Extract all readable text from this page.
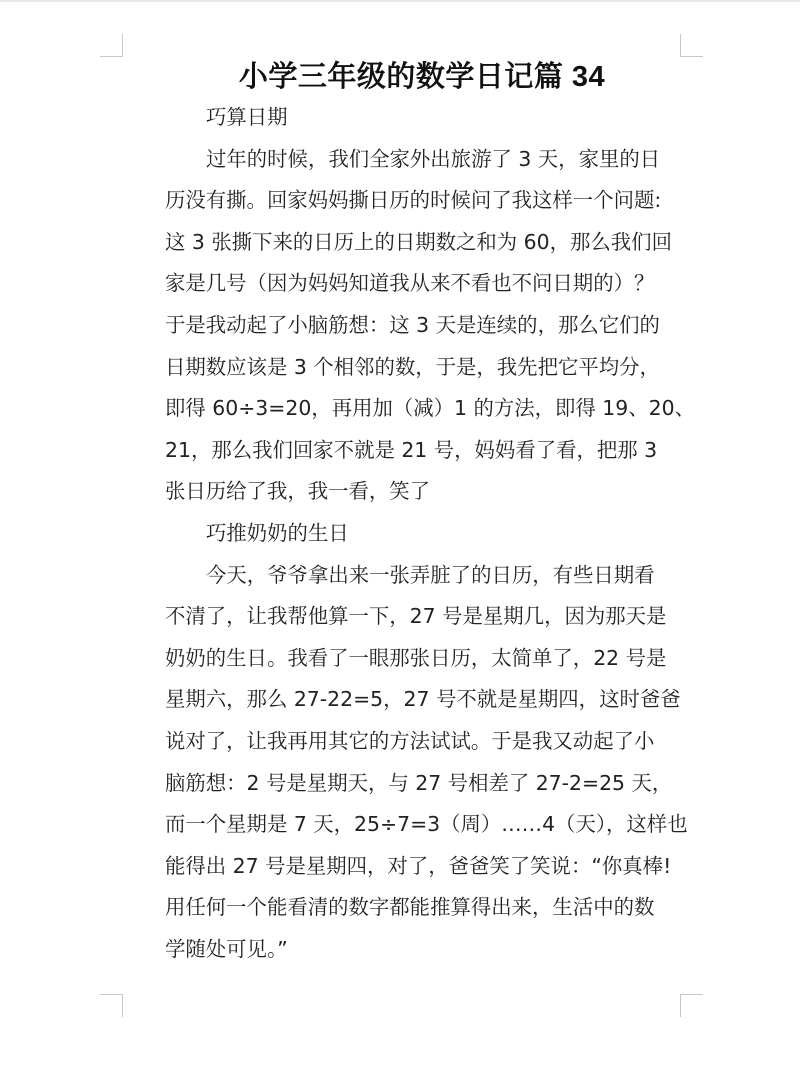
小学三年级的数学日记篇 34
巧算日期
过年的时候，我们全家外出旅游了 3 天，家里的日
历没有撕。回家妈妈撕日历的时候问了我这样一个问题:
这 3 张撕下来的日历上的日期数之和为 60，那么我们回
家是几号（因为妈妈知道我从来不看也不问日期的）？
于是我动起了小脑筋想：这 3 天是连续的，那么它们的
日期数应该是 3 个相邻的数，于是，我先把它平均分，
即得 60÷3=20，再用加（减）1 的方法，即得 19、20、
21，那么我们回家不就是 21 号，妈妈看了看，把那 3
张日历给了我，我一看，笑了
巧推奶奶的生日
今天，爷爷拿出来一张弄脏了的日历，有些日期看
不清了，让我帮他算一下，27 号是星期几，因为那天是
奶奶的生日。我看了一眼那张日历，太简单了，22 号是
星期六，那么 27-22=5，27 号不就是星期四，这时爸爸
说对了，让我再用其它的方法试试。于是我又动起了小
脑筋想：2 号是星期天，与 27 号相差了 27-2=25 天，
而一个星期是 7 天，25÷7=3（周）……4（天），这样也
能得出 27 号是星期四，对了，爸爸笑了笑说：“你真棒!
用任何一个能看清的数字都能推算得出来，生活中的数
学随处可见。”
